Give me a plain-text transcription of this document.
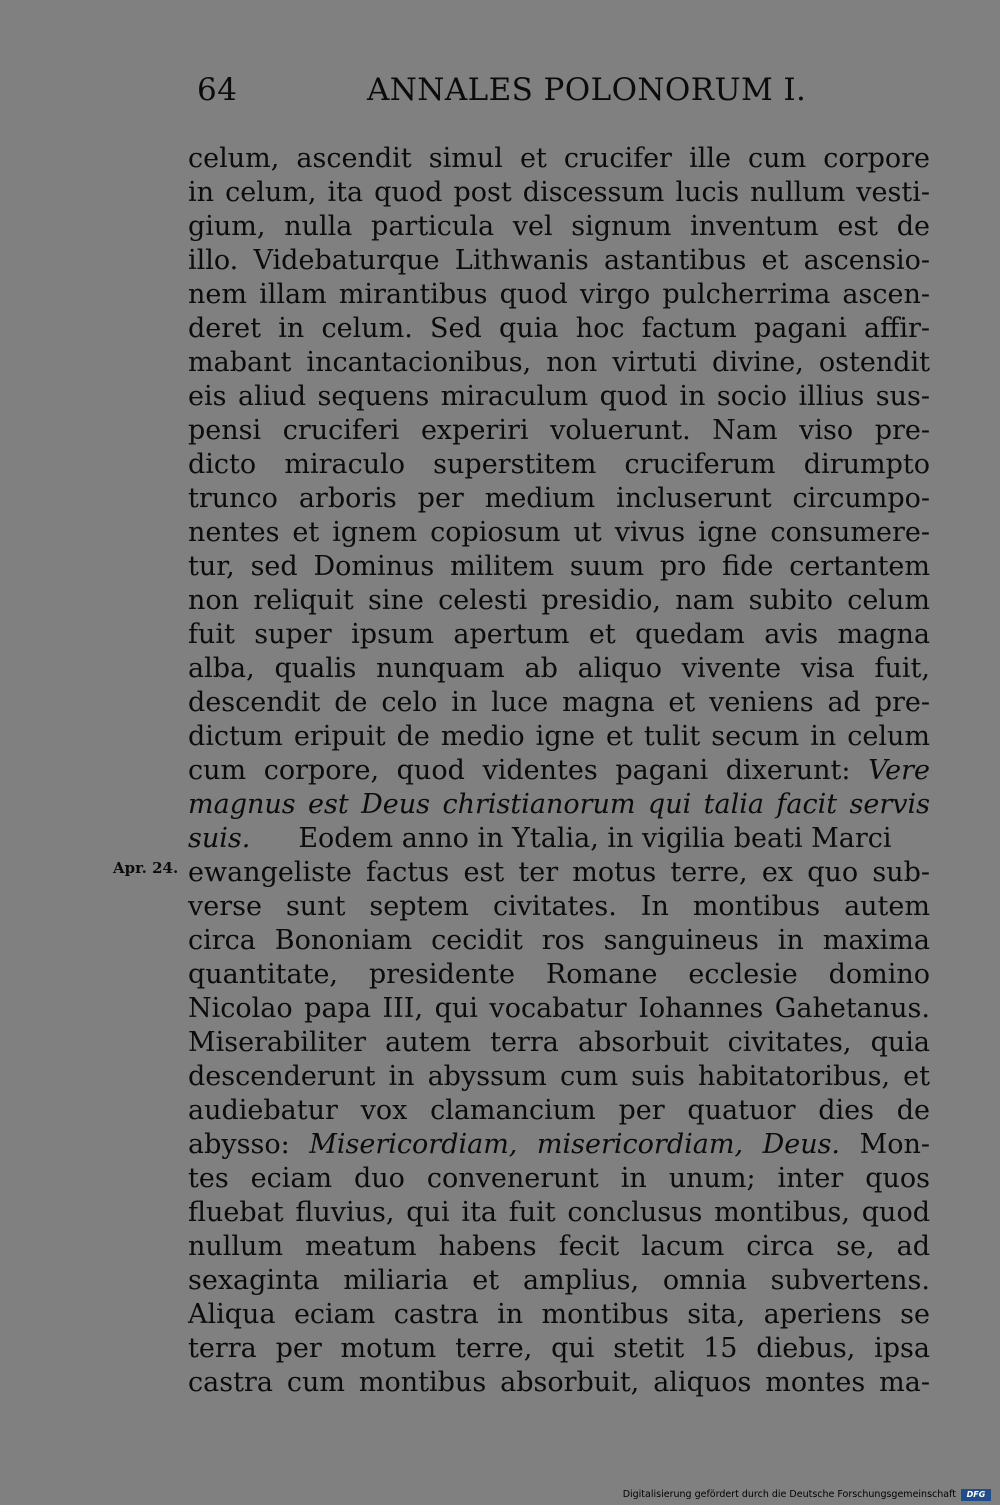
64	ANNALES POLONORUM I.
Apr. 24.
celum, ascendit simul et crucifer ille cum corpore
in celum, ita quod post discessum lucis nullum vesti-
gium, nulla particula vel signum inventum est de
illo. Videbaturque Lithwanis astantibus et ascensio-
nem illam mirantibus quod virgo pulcherrima ascen-
deret in celum. Sed quia hoc factum pagani affir-
mabant incantacionibus, non virtuti divine, ostendit
eis aliud sequens miraculum quod in socio illius sus-
pensi cruciferi experiri voluerunt. Nam viso pre-
dicto miraculo superstitem cruciferum dirumpto
trunco arboris per medium incluserunt circumpo-
nentes et ignem copiosum ut vivus igne consumere-
tur, sed Dominus militem suum pro fide certantem
non reliquit sine celesti presidio, nam subito celum
fuit super ipsum apertum et quedam avis magna
alba, qualis nunquam ab aliquo vivente visa fuit,
descendit de celo in luce magna et veniens ad pre-
dictum eripuit de medio igne et tulit secum in celum
cum corpore, quod videntes pagani dixerunt: Vere
magnus est Deus christianorum qui talia facit servis
suis. Eodem anno in Ytalia, in vigilia beati Marci
ewangeliste factus est ter motus terre, ex quo sub-
verse sunt septem civitates. In montibus autem
circa Bononiam cecidit ros sanguineus in maxima
quantitate, presidente Romane ecclesie domino
Nicolao papa III, qui vocabatur Iohannes Gahetanus.
Miserabiliter autem terra absorbuit civitates, quia
descenderunt in abyssum cum suis habitatoribus, et
audiebatur vox clamancium per quatuor dies de
abysso: Misericordiam, misericordiam, Deus. Mon-
tes eciam duo convenerunt in unum; inter quos
fluebat fluvius, qui ita fuit conclusus montibus, quod
nullum meatum habens fecit lacum circa se, ad
sexaginta miliaria et amplius, omnia subvertens.
Aliqua eciam castra in montibus sita, aperiens se
terra per motum terre, qui stetit 15 diebus, ipsa
castra cum montibus absorbuit, aliquos montes ma-
Digitalisierung gefördert durch die Deutsche Forschungsgemeinschaft	DFG
